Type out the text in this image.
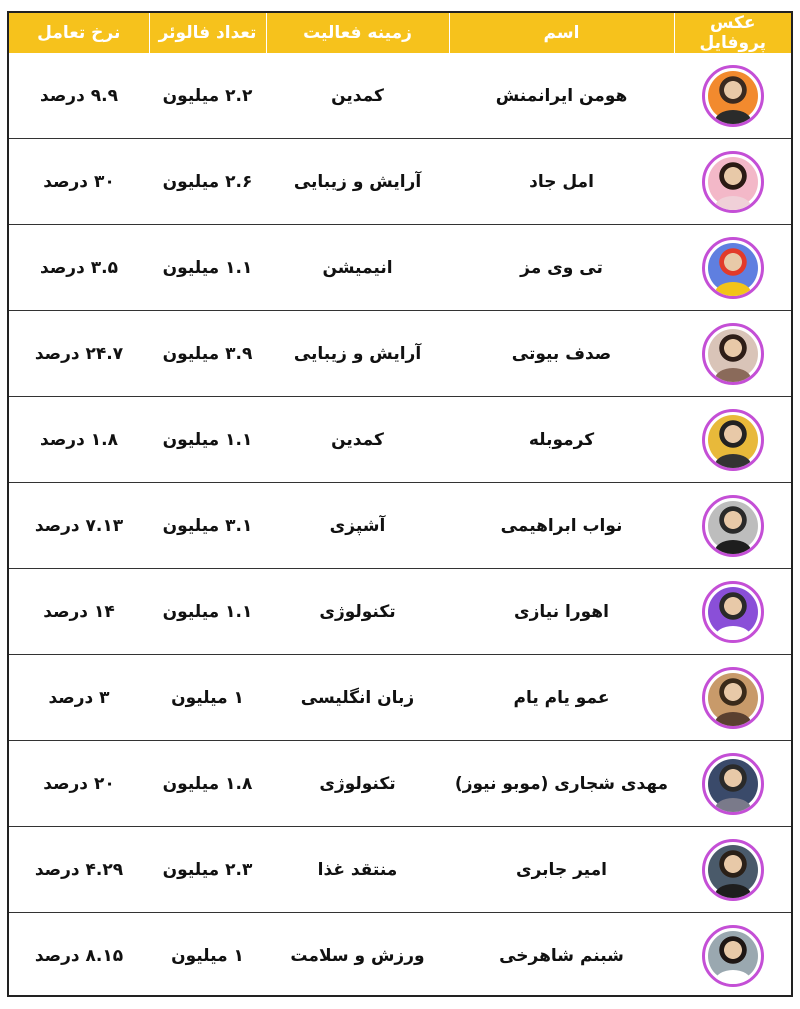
عکس پروفایل	اسم	زمینه فعالیت	تعداد فالوئر	نرخ تعامل

	هومن ایرانمنش	کمدین	۲.۲ میلیون	۹.۹ درصد

	امل جاد	آرایش و زیبایی	۲.۶ میلیون	۳۰ درصد

	تی وی مز	انیمیشن	۱.۱ میلیون	۳.۵ درصد

	صدف بیوتی	آرایش و زیبایی	۳.۹ میلیون	۲۴.۷ درصد

	کرموبله	کمدین	۱.۱ میلیون	۱.۸ درصد

	نواب ابراهیمی	آشپزی	۳.۱ میلیون	۷.۱۳ درصد

	اهورا نیازی	تکنولوژی	۱.۱ میلیون	۱۴ درصد

	عمو یام یام	زبان انگلیسی	۱ میلیون	۳ درصد

	مهدی شجاری (موبو نیوز)	تکنولوژی	۱.۸ میلیون	۲۰ درصد

	امیر جابری	منتقد غذا	۲.۳ میلیون	۴.۲۹ درصد

	شبنم شاهرخی	ورزش و سلامت	۱ میلیون	۸.۱۵ درصد
